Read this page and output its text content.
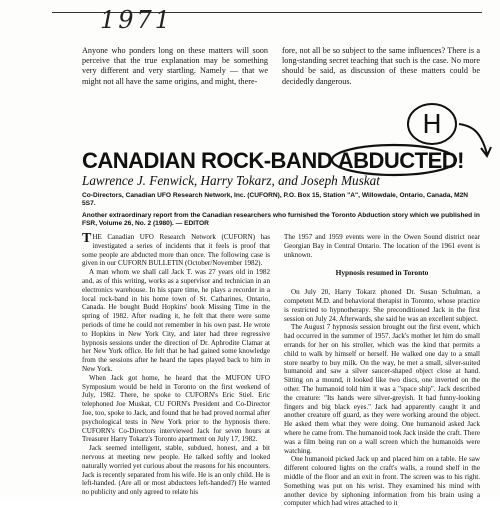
1971
Anyone who ponders long on these matters will soon perceive that the true explanation may be something very different and very startling. Namely — that we might not all have the same origins, and might, there-
fore, not all be so subject to the same influences? There is a long-standing secret teaching that such is the case. No more should be said, as discussion of these matters could be decidedly dangerous.
H
CANADIAN ROCK-BAND ABDUCTED
!
Lawrence J. Fenwick, Harry Tokarz, and Joseph Muskat
Co-Directors, Canadian UFO Research Network, Inc. (CUFORN), P.O. Box 15, Station "A", Willowdale, Ontario, Canada, M2N 5S7.
Another extraordinary report from the Canadian researchers who furnished the Toronto Abduction story which we published in FSR, Volume 26, No. 2 (1980). — EDITOR

THE Canadian UFO Research Network (CUFORN) has investigated a series of incidents that it feels is proof that some people are abducted more than once. The following case is given in our CUFORN BULLETIN (October/November 1982).

A man whom we shall call Jack T. was 27 years old in 1982 and, as of this writing, works as a supervisor and technician in an electronics warehouse. In his spare time, he plays a recorder in a local rock-band in his home town of St. Catharines, Ontario, Canada. He bought Budd Hopkins' book Missing Time in the spring of 1982. After reading it, he felt that there were some periods of time he could not remember in his own past. He wrote to Hopkins in New York City, and later had three regressive hypnosis sessions under the direction of Dr. Aphrodite Clamar at her New York office. He felt that he had gained some knowledge from the sessions after he heard the tapes played back to him in New York.

When Jack got home, he heard that the MUFON UFO Symposium would be held in Toronto on the first weekend of July, 1982. There, he spoke to CUFORN's Eric Stiel. Eric telephoned Joe Muskat, CU FORN's President and Co-Director Joe, too, spoke to Jack, and found that he had proved normal after psychological tests in New York prior to the hypnosis there. CUFORN's Co-Directors interviewed Jack for seven hours at Treasurer Harry Tokarz's Toronto apartment on July 17, 1982.

Jack seemed intelligent, stable, subdued, honest, and a bit nervous at meeting new people. He talked softly and looked naturally worried yet curious about the reasons for his encounters. Jack is recently separated from his wife. He is an only child. He is left-handed. (Are all or most abductees left-handed?) He wanted no publicity and only agreed to relate his

The 1957 and 1959 events were in the Owen Sound district near Georgian Bay in Central Ontario. The location of the 1961 event is unknown.

Hypnosis resumed in Toronto

On July 20, Harry Tokarz phoned Dr. Susan Schulman, a competent M.D. and behavioral therapist in Toronto, whose practice is restricted to hypnotherapy. She preconditioned Jack in the first session on July 24. Afterwards, she said he was an excellent subject.

The August 7 hypnosis session brought out the first event, which had occurred in the summer of 1957. Jack's mother let him do small errands for her on his stroller, which was the kind that permits a child to walk by himself or herself. He walked one day to a small store nearby to buy milk. On the way, he met a small, silver-suited humanoid and saw a silver saucer-shaped object close at hand. Sitting on a mound, it looked like two discs, one inverted on the other. The humanoid told him it was a "space ship". Jack described the creature: "Its hands were silver-greyish. It had funny-looking fingers and big black eyes." Jack had apparently caught it and another creature off guard, as they were working around the object. He asked them what they were doing. One humanoid asked Jack where he came from. The humanoid took Jack inside the craft. There was a film being run on a wall screen which the humanoids were watching.

One humanoid picked Jack up and placed him on a table. He saw different coloured lights on the craft's walls, a round shelf in the middle of the floor and an exit in front. The screen was to his right. Something was put on his wrist. They examined his mind with another device by siphoning information from his brain using a computer which had wires attached to it
